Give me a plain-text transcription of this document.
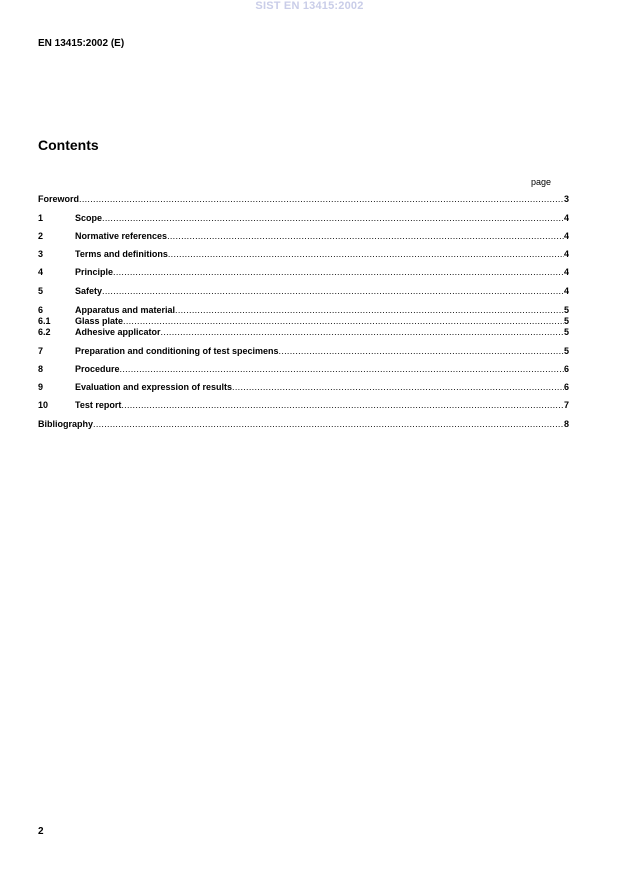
SIST EN 13415:2002
EN 13415:2002 (E)
Contents
page
Foreword .....	3
1	Scope .....	4
2	Normative references .....	4
3	Terms and definitions .....	4
4	Principle .....	4
5	Safety .....	4
6	Apparatus and material .....	5
6.1	Glass plate .....	5
6.2	Adhesive applicator .....	5
7	Preparation and conditioning of test specimens .....	5
8	Procedure .....	6
9	Evaluation and expression of results .....	6
10	Test report .....	7
Bibliography .....	8
2
